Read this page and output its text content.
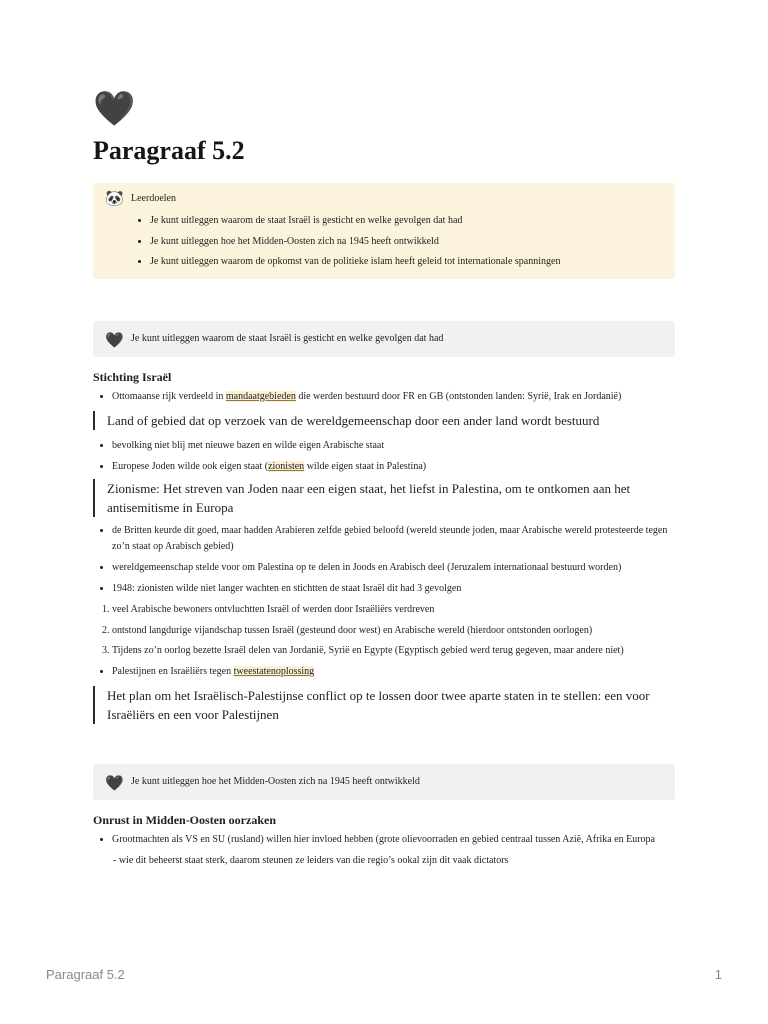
🖤
Paragraaf 5.2
🐼 Leerdoelen
• Je kunt uitleggen waarom de staat Israël is gesticht en welke gevolgen dat had
• Je kunt uitleggen hoe het Midden-Oosten zich na 1945 heeft ontwikkeld
• Je kunt uitleggen waarom de opkomst van de politieke islam heeft geleid tot internationale spanningen
🖤 Je kunt uitleggen waarom de staat Israël is gesticht en welke gevolgen dat had
Stichting Israël
• Ottomaanse rijk verdeeld in mandaatgebieden die werden bestuurd door FR en GB (ontstonden landen: Syrië, Irak en Jordanië)
Land of gebied dat op verzoek van de wereldgemeenschap door een ander land wordt bestuurd
• bevolking niet blij met nieuwe bazen en wilde eigen Arabische staat
• Europese Joden wilde ook eigen staat (zionisten wilde eigen staat in Palestina)
Zionisme: Het streven van Joden naar een eigen staat, het liefst in Palestina, om te ontkomen aan het antisemitisme in Europa
• de Britten keurde dit goed, maar hadden Arabieren zelfde gebied beloofd (wereld steunde joden, maar Arabische wereld protesteerde tegen zo’n staat op Arabisch gebied)
• wereldgemeenschap stelde voor om Palestina op te delen in Joods en Arabisch deel (Jeruzalem internationaal bestuurd worden)
• 1948: zionisten wilde niet langer wachten en stichtten de staat Israël dit had 3 gevolgen
1. veel Arabische bewoners ontvluchtten Israël of werden door Israëliërs verdreven
2. ontstond langdurige vijandschap tussen Israël (gesteund door west) en Arabische wereld (hierdoor ontstonden oorlogen)
3. Tijdens zo’n oorlog bezette Israël delen van Jordanië, Syrië en Egypte (Egyptisch gebied werd terug gegeven, maar andere niet)
• Palestijnen en Israëliërs tegen tweestatenoplossing
Het plan om het Israëlisch-Palestijnse conflict op te lossen door twee aparte staten in te stellen: een voor Israëliërs en een voor Palestijnen
🖤 Je kunt uitleggen hoe het Midden-Oosten zich na 1945 heeft ontwikkeld
Onrust in Midden-Oosten oorzaken
• Grootmachten als VS en SU (rusland) willen hier invloed hebben (grote olievoorraden en gebied centraal tussen Azië, Afrika en Europa
- wie dit beheerst staat sterk, daarom steunen ze leiders van die regio’s ookal zijn dit vaak dictators
Paragraaf 5.2	1
